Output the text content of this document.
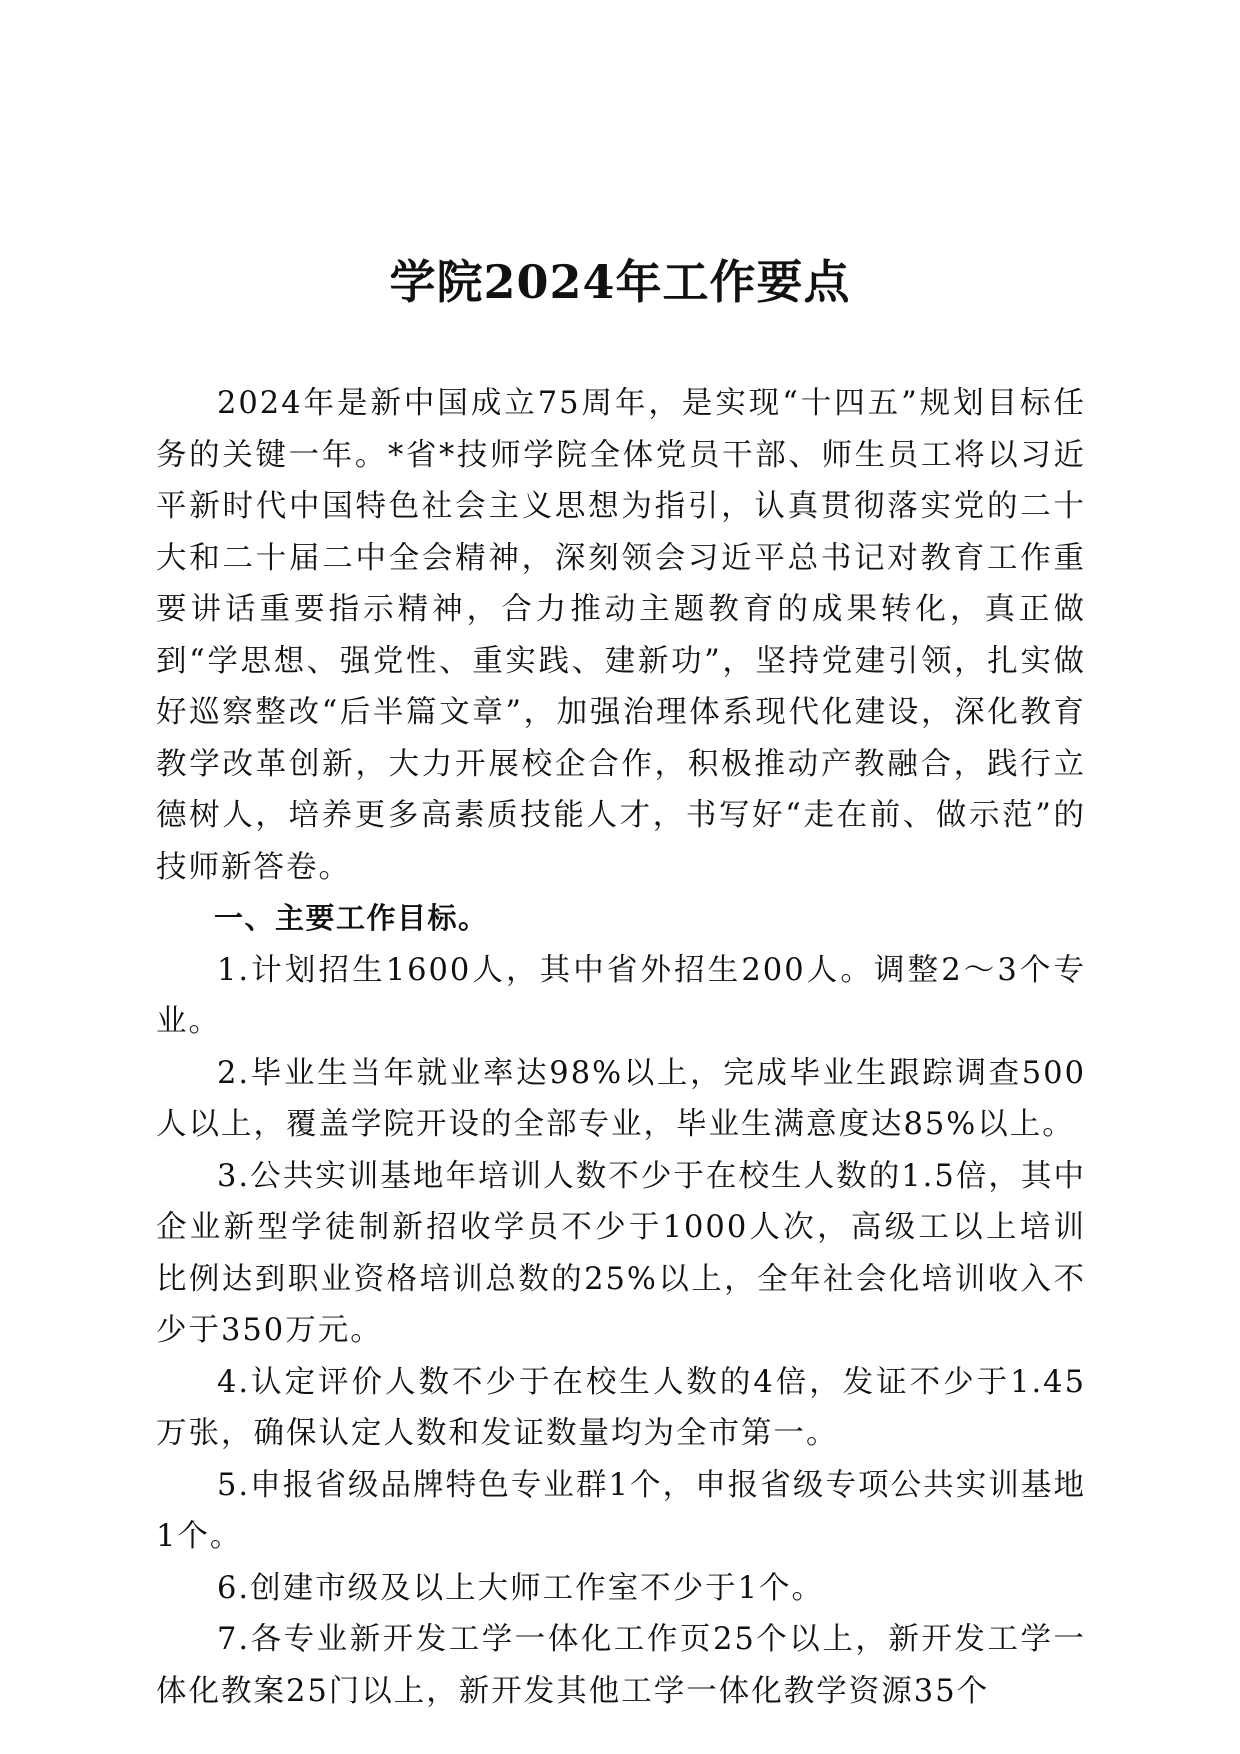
学院2024年工作要点

2024年是新中国成立75周年，是实现“十四五”规划目标任务的关键一年。*省*技师学院全体党员干部、师生员工将以习近平新时代中国特色社会主义思想为指引，认真贯彻落实党的二十大和二十届二中全会精神，深刻领会习近平总书记对教育工作重要讲话重要指示精神，合力推动主题教育的成果转化，真正做到“学思想、强党性、重实践、建新功”，坚持党建引领，扎实做好巡察整改“后半篇文章”，加强治理体系现代化建设，深化教育教学改革创新，大力开展校企合作，积极推动产教融合，践行立德树人，培养更多高素质技能人才，书写好“走在前、做示范”的技师新答卷。

一、主要工作目标。

1.计划招生1600人，其中省外招生200人。调整2～3个专业。

2.毕业生当年就业率达98%以上，完成毕业生跟踪调查500人以上，覆盖学院开设的全部专业，毕业生满意度达85%以上。

3.公共实训基地年培训人数不少于在校生人数的1.5倍，其中企业新型学徒制新招收学员不少于1000人次，高级工以上培训比例达到职业资格培训总数的25%以上，全年社会化培训收入不少于350万元。

4.认定评价人数不少于在校生人数的4倍，发证不少于1.45万张，确保认定人数和发证数量均为全市第一。

5.申报省级品牌特色专业群1个，申报省级专项公共实训基地1个。

6.创建市级及以上大师工作室不少于1个。

7.各专业新开发工学一体化工作页25个以上，新开发工学一体化教案25门以上，新开发其他工学一体化教学资源35个
